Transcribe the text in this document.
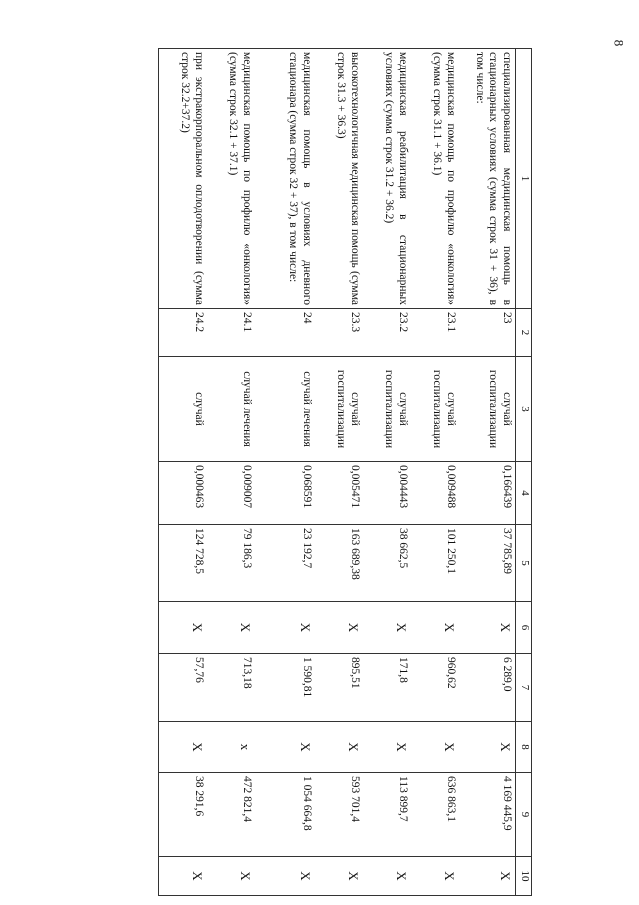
8
1	2	3	4	5	6	7	8	9	10
специализированная медицинская помощь в стационарных условиях (сумма строк 31 + 36), в том числе:	23	случай госпитализации	0,166439	37 785,89	X	6 289,0	X	4 169 445,9	X
медицинская помощь по профилю «онкология» (сумма строк 31.1 + 36.1)	23.1	случай госпитализации	0,009488	101 250,1	X	960,62	X	636 863,1	X
медицинская реабилитация в стационарных условиях (сумма строк 31.2 + 36.2)	23.2	случай госпитализации	0,004443	38 662,5	X	171,8	X	113 899,7	X
высокотехнологичная медицинская помощь (сумма строк 31.3 + 36.3)	23.3	случай госпитализации	0,005471	163 689,38	X	895,51	X	593 701,4	X
медицинская помощь в условиях дневного стационара (сумма строк 32 + 37), в том числе:	24	случай лечения	0,068591	23 192,7	X	1 590,81	X	1 054 664,8	X
медицинская помощь по профилю «онкология» (сумма строк 32.1 + 37.1)	24.1	случай лечения	0,009007	79 186,3	X	713,18	x	472 821,4	X
при экстракорпоральном оплодотворении (сумма строк 32.2+37.2)	24.2	случай	0,000463	124 728,5	X	57,76	X	38 291,6	X
